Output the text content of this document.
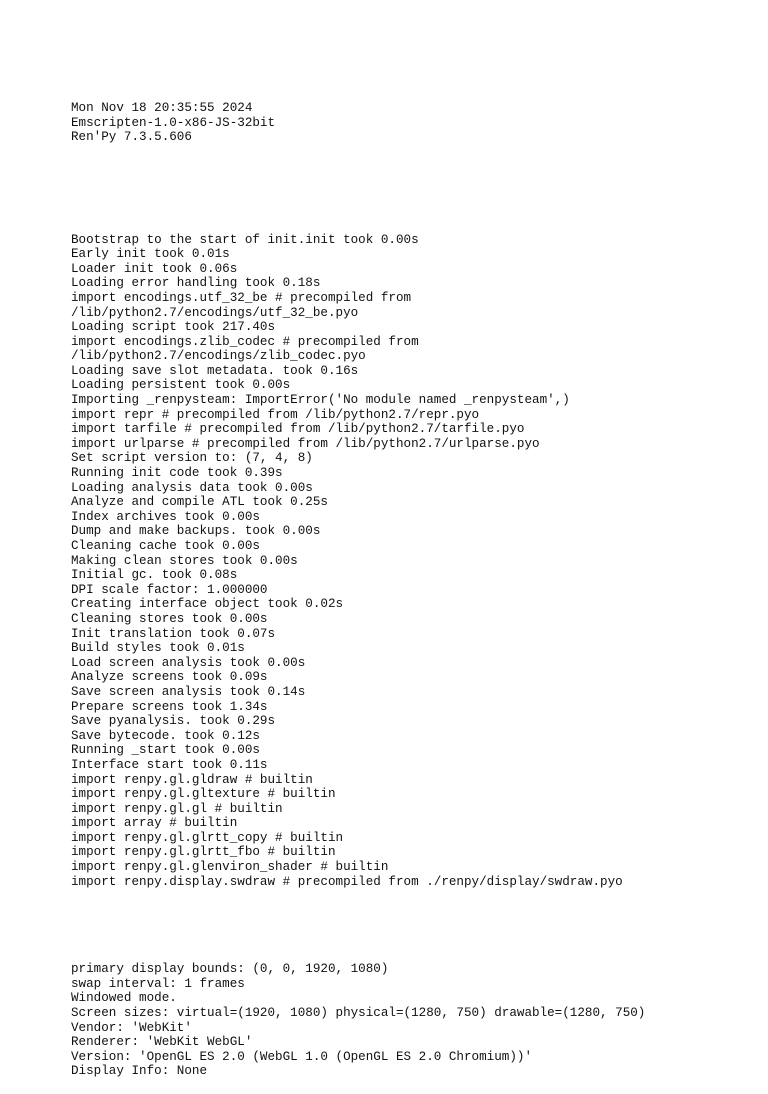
Mon Nov 18 20:35:55 2024
Emscripten-1.0-x86-JS-32bit
Ren'Py 7.3.5.606

Bootstrap to the start of init.init took 0.00s
Early init took 0.01s
Loader init took 0.06s
Loading error handling took 0.18s
import encodings.utf_32_be # precompiled from
/lib/python2.7/encodings/utf_32_be.pyo
Loading script took 217.40s
import encodings.zlib_codec # precompiled from
/lib/python2.7/encodings/zlib_codec.pyo
Loading save slot metadata. took 0.16s
Loading persistent took 0.00s
Importing _renpysteam: ImportError('No module named _renpysteam',)
import repr # precompiled from /lib/python2.7/repr.pyo
import tarfile # precompiled from /lib/python2.7/tarfile.pyo
import urlparse # precompiled from /lib/python2.7/urlparse.pyo
Set script version to: (7, 4, 8)
Running init code took 0.39s
Loading analysis data took 0.00s
Analyze and compile ATL took 0.25s
Index archives took 0.00s
Dump and make backups. took 0.00s
Cleaning cache took 0.00s
Making clean stores took 0.00s
Initial gc. took 0.08s
DPI scale factor: 1.000000
Creating interface object took 0.02s
Cleaning stores took 0.00s
Init translation took 0.07s
Build styles took 0.01s
Load screen analysis took 0.00s
Analyze screens took 0.09s
Save screen analysis took 0.14s
Prepare screens took 1.34s
Save pyanalysis. took 0.29s
Save bytecode. took 0.12s
Running _start took 0.00s
Interface start took 0.11s
import renpy.gl.gldraw # builtin
import renpy.gl.gltexture # builtin
import renpy.gl.gl # builtin
import array # builtin
import renpy.gl.glrtt_copy # builtin
import renpy.gl.glrtt_fbo # builtin
import renpy.gl.glenviron_shader # builtin
import renpy.display.swdraw # precompiled from ./renpy/display/swdraw.pyo

primary display bounds: (0, 0, 1920, 1080)
swap interval: 1 frames
Windowed mode.
Screen sizes: virtual=(1920, 1080) physical=(1280, 750) drawable=(1280, 750)
Vendor: 'WebKit'
Renderer: 'WebKit WebGL'
Version: 'OpenGL ES 2.0 (WebGL 1.0 (OpenGL ES 2.0 Chromium))'
Display Info: None
